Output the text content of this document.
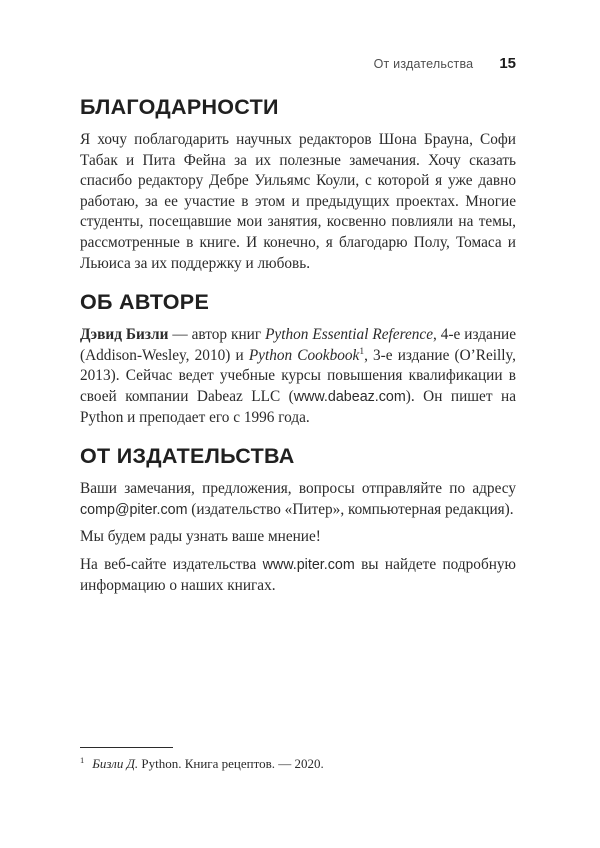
От издательства 15
БЛАГОДАРНОСТИ

Я хочу поблагодарить научных редакторов Шона Брауна, Софи Табак и Пита Фейна за их полезные замечания. Хочу сказать спасибо редактору Дебре Уильямс Коули, с которой я уже давно работаю, за ее участие в этом и предыдущих проектах. Многие студенты, посещавшие мои занятия, косвенно повлияли на темы, рассмотренные в книге. И конечно, я благодарю Полу, Томаса и Льюиса за их поддержку и любовь.

ОБ АВТОРЕ

Дэвид Бизли — автор книг Python Essential Reference, 4-е издание (Addison-Wesley, 2010) и Python Cookbook$^1$, 3-е издание (O’Reilly, 2013). Сейчас ведет учебные курсы повышения квалификации в своей компании Dabeaz LLC (www.dabeaz.com). Он пишет на Python и преподает его с 1996 года.

ОТ ИЗДАТЕЛЬСТВА

Ваши замечания, предложения, вопросы отправляйте по адресу comp@piter.com (издательство «Питер», компьютерная редакция).

Мы будем рады узнать ваше мнение!

На веб-сайте издательства www.piter.com вы найдете подробную информацию о наших книгах.

$^1$ Бизли Д. Python. Книга рецептов. — 2020.
